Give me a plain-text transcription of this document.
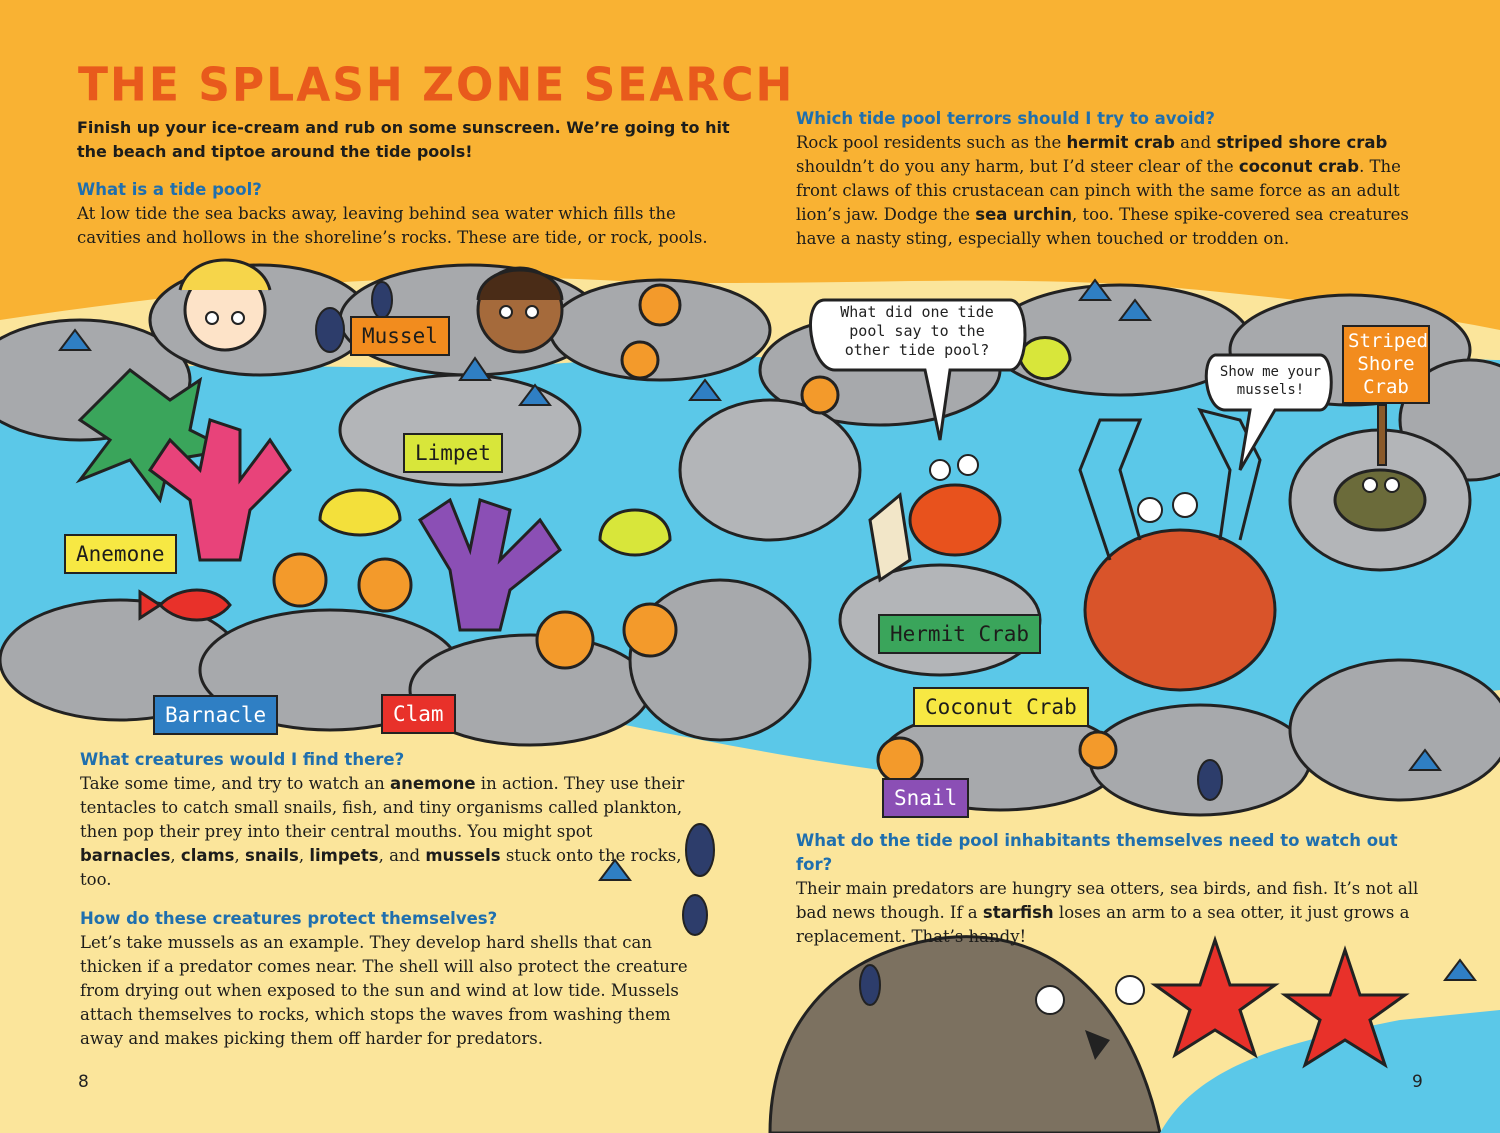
THE SPLASH ZONE SEARCH
Finish up your ice-cream and rub on some sunscreen. We’re going to hit the beach and tiptoe around the tide pools!

What is a tide pool?

At low tide the sea backs away, leaving behind sea water which fills the cavities and hollows in the shoreline’s rocks. These are tide, or rock, pools.

Which tide pool terrors should I try to avoid?

Rock pool residents such as the hermit crab and striped shore crab shouldn’t do you any harm, but I’d steer clear of the coconut crab. The front claws of this crustacean can pinch with the same force as an adult lion’s jaw. Dodge the sea urchin, too. These spike-covered sea creatures have a nasty sting, especially when touched or trodden on.

What creatures would I find there?

Take some time, and try to watch an anemone in action. They use their tentacles to catch small snails, fish, and tiny organisms called plankton, then pop their prey into their central mouths. You might spot barnacles, clams, snails, limpets, and mussels stuck onto the rocks, too.

How do these creatures protect themselves?

Let’s take mussels as an example. They develop hard shells that can thicken if a predator comes near. The shell will also protect the creature from drying out when exposed to the sun and wind at low tide. Mussels attach themselves to rocks, which stops the waves from washing them away and makes picking them off harder for predators.

What do the tide pool inhabitants themselves need to watch out for?

Their main predators are hungry sea otters, sea birds, and fish. It’s not all bad news though. If a starfish loses an arm to a sea otter, it just grows a replacement. That’s handy!

Mussel
Limpet
Anemone
Barnacle	Clam
Hermit Crab
Coconut Crab
Snail
Striped Shore Crab
What did one tide pool say to the other tide pool?
Show me your mussels!
8	9
